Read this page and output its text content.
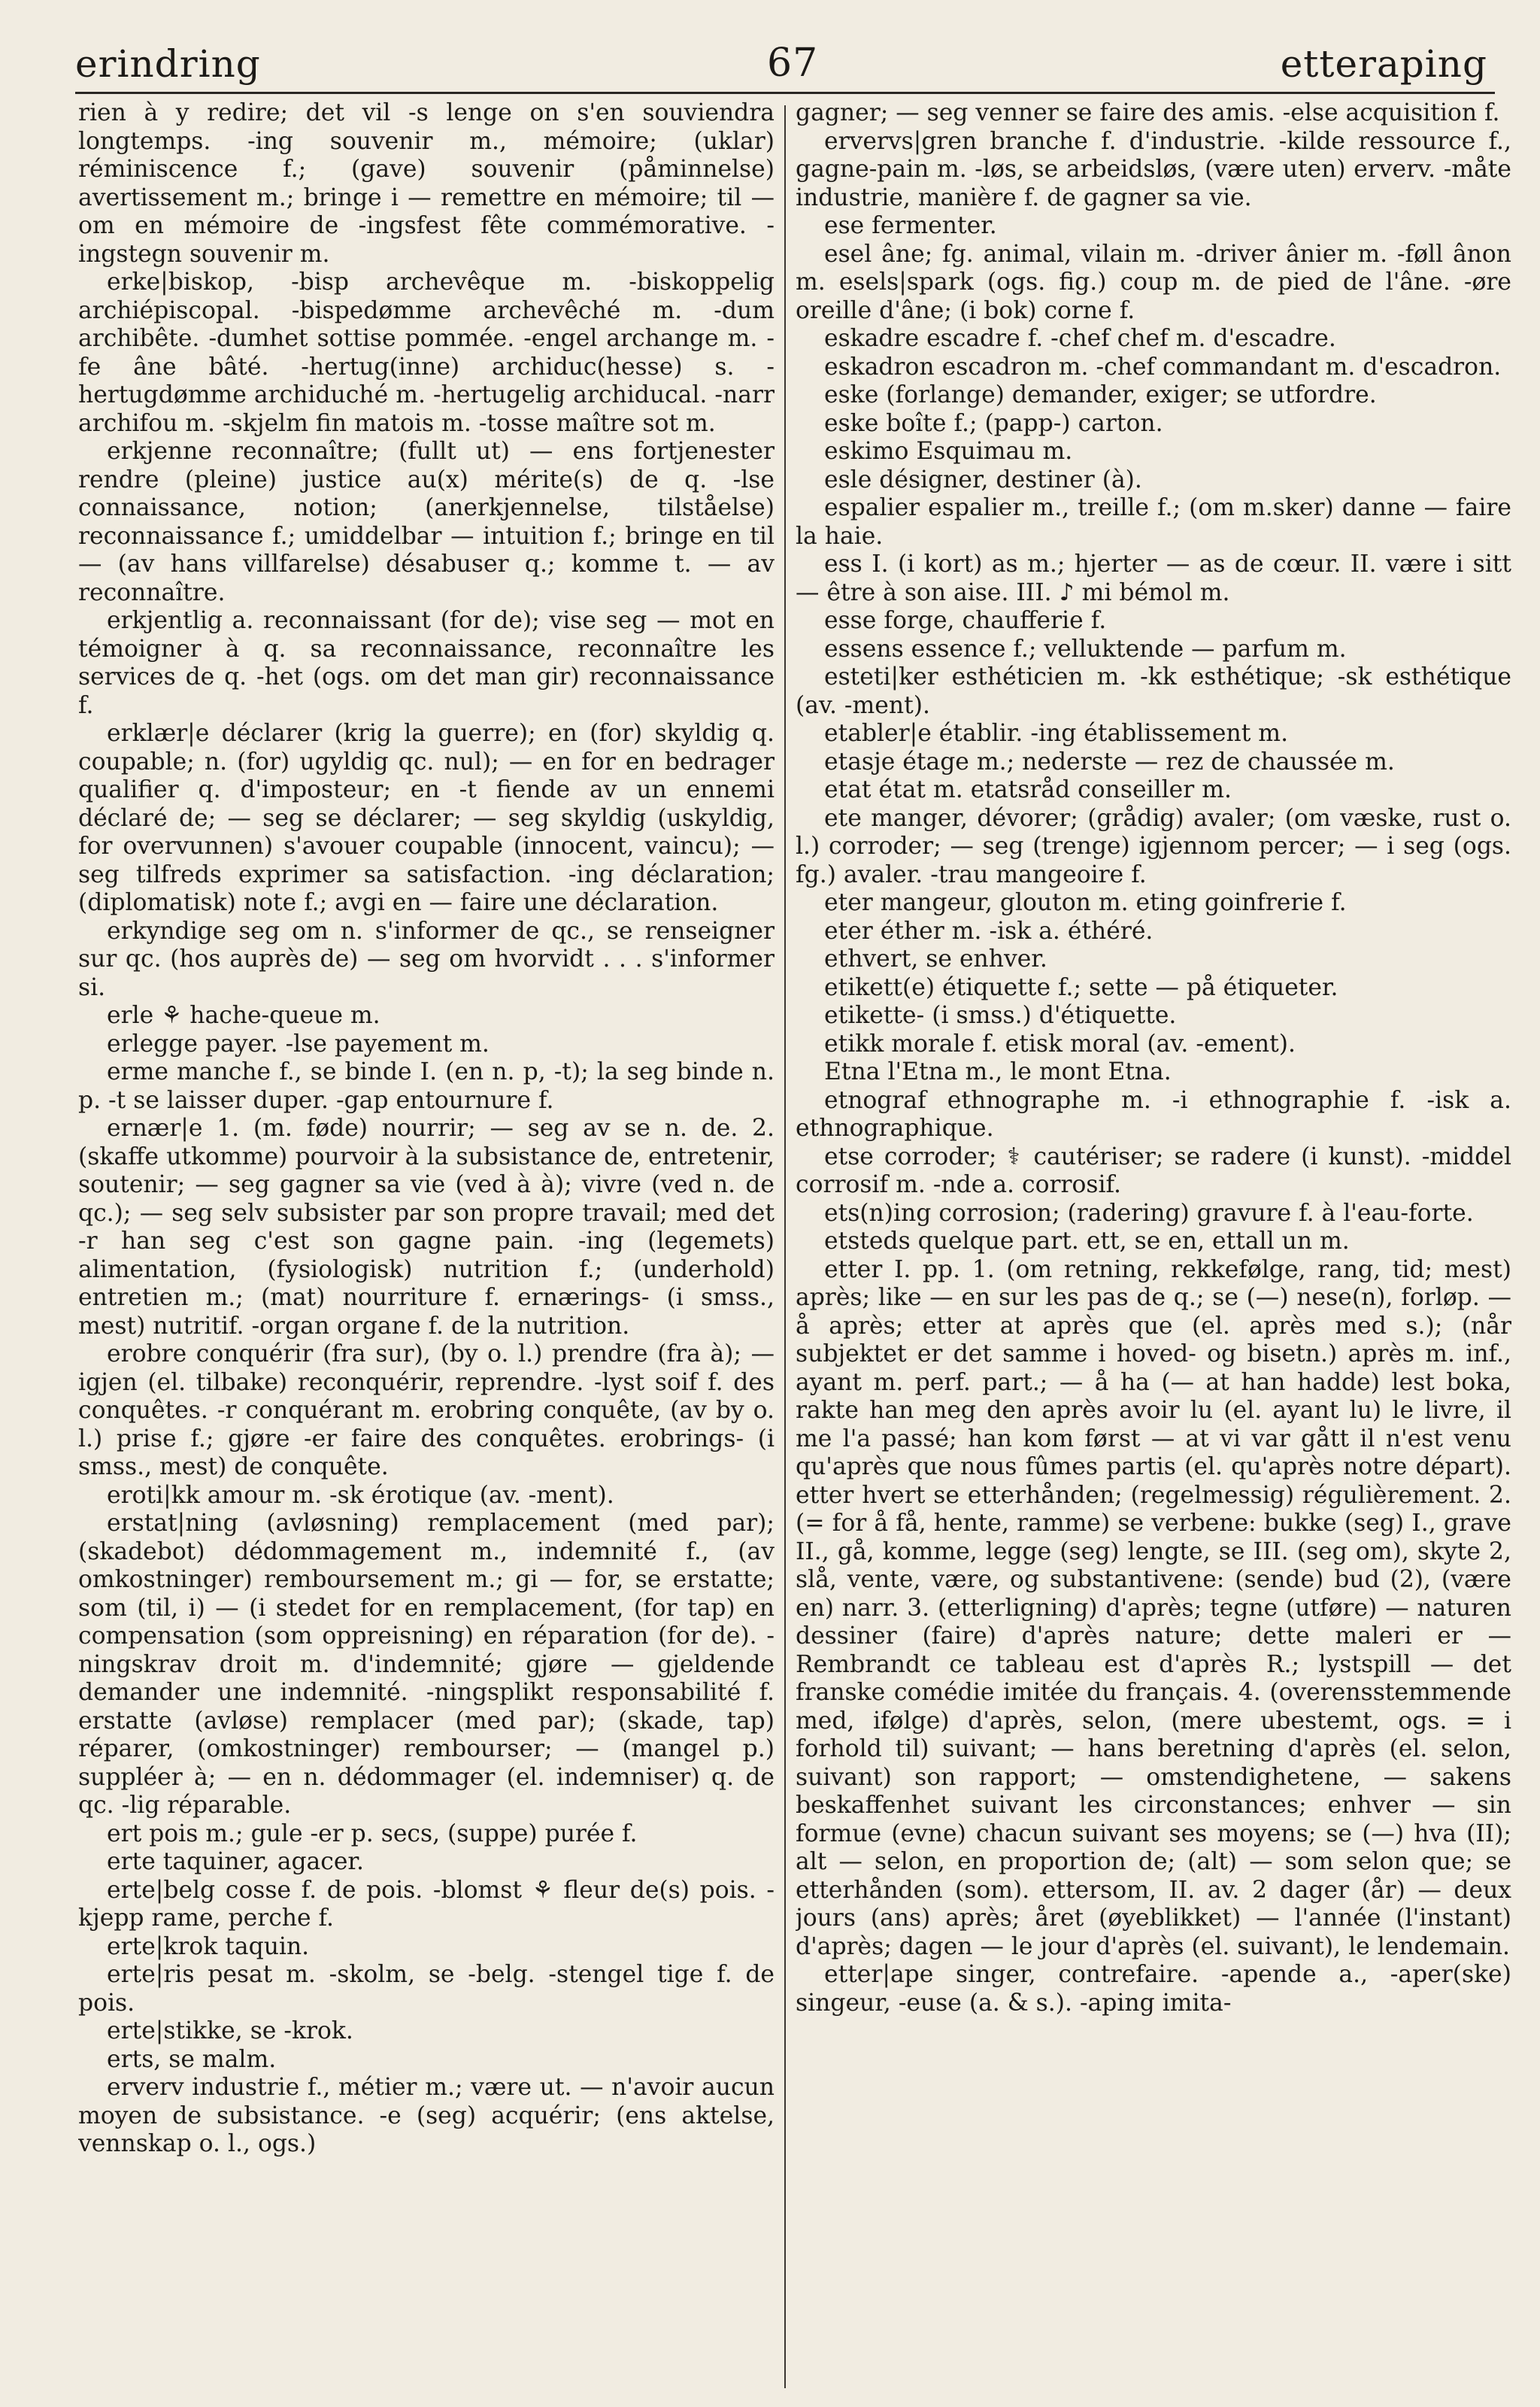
erindring	67	etteraping

rien à y redire; det vil -s lenge on s'en souviendra longtemps. -ing souvenir m., mémoire; (uklar) réminiscence f.; (gave) souvenir (påminnelse) avertissement m.; bringe i — remettre en mémoire; til — om en mémoire de -ingsfest fête commémorative. -ingstegn souvenir m.

erke|biskop, -bisp archevêque m. -biskoppelig archiépiscopal. -bispedømme archevêché m. -dum archibête. -dumhet sottise pommée. -engel archange m. -fe âne bâté. -hertug(inne) archiduc(hesse) s. -hertugdømme archiduché m. -hertugelig archiducal. -narr archifou m. -skjelm fin matois m. -tosse maître sot m.

erkjenne reconnaître; (fullt ut) — ens fortjenester rendre (pleine) justice au(x) mérite(s) de q. -lse connaissance, notion; (anerkjennelse, tilståelse) reconnaissance f.; umiddelbar — intuition f.; bringe en til — (av hans villfarelse) désabuser q.; komme t. — av reconnaître.

erkjentlig a. reconnaissant (for de); vise seg — mot en témoigner à q. sa reconnaissance, reconnaître les services de q. -het (ogs. om det man gir) reconnaissance f.

erklær|e déclarer (krig la guerre); en (for) skyldig q. coupable; n. (for) ugyldig qc. nul); — en for en bedrager qualifier q. d'imposteur; en -t fiende av un ennemi déclaré de; — seg se déclarer; — seg skyldig (uskyldig, for overvunnen) s'avouer coupable (innocent, vaincu); — seg tilfreds exprimer sa satisfaction. -ing déclaration; (diplomatisk) note f.; avgi en — faire une déclaration.

erkyndige seg om n. s'informer de qc., se renseigner sur qc. (hos auprès de) — seg om hvorvidt . . . s'informer si.

erle ⚘ hache-queue m.

erlegge payer. -lse payement m.

erme manche f., se binde I. (en n. p, -t); la seg binde n. p. -t se laisser duper. -gap entournure f.

ernær|e 1. (m. føde) nourrir; — seg av se n. de. 2. (skaffe utkomme) pourvoir à la subsistance de, entretenir, soutenir; — seg gagner sa vie (ved à à); vivre (ved n. de qc.); — seg selv subsister par son propre travail; med det -r han seg c'est son gagne pain. -ing (legemets) alimentation, (fysiologisk) nutrition f.; (underhold) entretien m.; (mat) nourriture f. ernærings- (i smss., mest) nutritif. -organ organe f. de la nutrition.

erobre conquérir (fra sur), (by o. l.) prendre (fra à); — igjen (el. tilbake) reconquérir, reprendre. -lyst soif f. des conquêtes. -r conquérant m. erobring conquête, (av by o. l.) prise f.; gjøre -er faire des conquêtes. erobrings- (i smss., mest) de conquête.

eroti|kk amour m. -sk érotique (av. -ment).

erstat|ning (avløsning) remplacement (med par); (skadebot) dédommagement m., indemnité f., (av omkostninger) remboursement m.; gi — for, se erstatte; som (til, i) — (i stedet for en remplacement, (for tap) en compensation (som oppreisning) en réparation (for de). -ningskrav droit m. d'indemnité; gjøre — gjeldende demander une indemnité. -ningsplikt responsabilité f. erstatte (avløse) remplacer (med par); (skade, tap) réparer, (omkostninger) rembourser; — (mangel p.) suppléer à; — en n. dédommager (el. indemniser) q. de qc. -lig réparable.

ert pois m.; gule -er p. secs, (suppe) purée f.

erte taquiner, agacer.

erte|belg cosse f. de pois. -blomst ⚘ fleur de(s) pois. -kjepp rame, perche f.

erte|krok taquin.

erte|ris pesat m. -skolm, se -belg. -stengel tige f. de pois.

erte|stikke, se -krok.

erts, se malm.

erverv industrie f., métier m.; være ut. — n'avoir aucun moyen de subsistance. -e (seg) acquérir; (ens aktelse, vennskap o. l., ogs.)

gagner; — seg venner se faire des amis. -else acquisition f.

ervervs|gren branche f. d'industrie. -kilde ressource f., gagne-pain m. -løs, se arbeidsløs, (være uten) erverv. -måte industrie, manière f. de gagner sa vie.

ese fermenter.

esel âne; fg. animal, vilain m. -driver ânier m. -føll ânon m. esels|spark (ogs. fig.) coup m. de pied de l'âne. -øre oreille d'âne; (i bok) corne f.

eskadre escadre f. -chef chef m. d'escadre.

eskadron escadron m. -chef commandant m. d'escadron.

eske (forlange) demander, exiger; se utfordre.

eske boîte f.; (papp-) carton.

eskimo Esquimau m.

esle désigner, destiner (à).

espalier espalier m., treille f.; (om m.sker) danne — faire la haie.

ess I. (i kort) as m.; hjerter — as de cœur. II. være i sitt — être à son aise. III. ♪ mi bémol m.

esse forge, chaufferie f.

essens essence f.; velluktende — parfum m.

esteti|ker esthéticien m. -kk esthétique; -sk esthétique (av. -ment).

etabler|e établir. -ing établissement m.

etasje étage m.; nederste — rez de chaussée m.

etat état m. etatsråd conseiller m.

ete manger, dévorer; (grådig) avaler; (om væske, rust o. l.) corroder; — seg (trenge) igjennom percer; — i seg (ogs. fg.) avaler. -trau mangeoire f.

eter mangeur, glouton m. eting goinfrerie f.

eter éther m. -isk a. éthéré.

ethvert, se enhver.

etikett(e) étiquette f.; sette — på étiqueter.

etikette- (i smss.) d'étiquette.

etikk morale f. etisk moral (av. -ement).

Etna l'Etna m., le mont Etna.

etnograf ethnographe m. -i ethnographie f. -isk a. ethnographique.

etse corroder; ⚕ cautériser; se radere (i kunst). -middel corrosif m. -nde a. corrosif.

ets(n)ing corrosion; (radering) gravure f. à l'eau-forte.

etsteds quelque part. ett, se en, ettall un m.

etter I. pp. 1. (om retning, rekkefølge, rang, tid; mest) après; like — en sur les pas de q.; se (—) nese(n), forløp. — å après; etter at après que (el. après med s.); (når subjektet er det samme i hoved- og bisetn.) après m. inf., ayant m. perf. part.; — å ha (— at han hadde) lest boka, rakte han meg den après avoir lu (el. ayant lu) le livre, il me l'a passé; han kom først — at vi var gått il n'est venu qu'après que nous fûmes partis (el. qu'après notre départ). etter hvert se etterhånden; (regelmessig) régulièrement. 2. (= for å få, hente, ramme) se verbene: bukke (seg) I., grave II., gå, komme, legge (seg) lengte, se III. (seg om), skyte 2, slå, vente, være, og substantivene: (sende) bud (2), (være en) narr. 3. (etterligning) d'après; tegne (utføre) — naturen dessiner (faire) d'après nature; dette maleri er — Rembrandt ce tableau est d'après R.; lystspill — det franske comédie imitée du français. 4. (overensstemmende med, ifølge) d'après, selon, (mere ubestemt, ogs. = i forhold til) suivant; — hans beretning d'après (el. selon, suivant) son rapport; — omstendighetene, — sakens beskaffenhet suivant les circonstances; enhver — sin formue (evne) chacun suivant ses moyens; se (—) hva (II); alt — selon, en proportion de; (alt) — som selon que; se etterhånden (som). ettersom, II. av. 2 dager (år) — deux jours (ans) après; året (øyeblikket) — l'année (l'instant) d'après; dagen — le jour d'après (el. suivant), le lendemain.

etter|ape singer, contrefaire. -apende a., -aper(ske) singeur, -euse (a. & s.). -aping imita-
